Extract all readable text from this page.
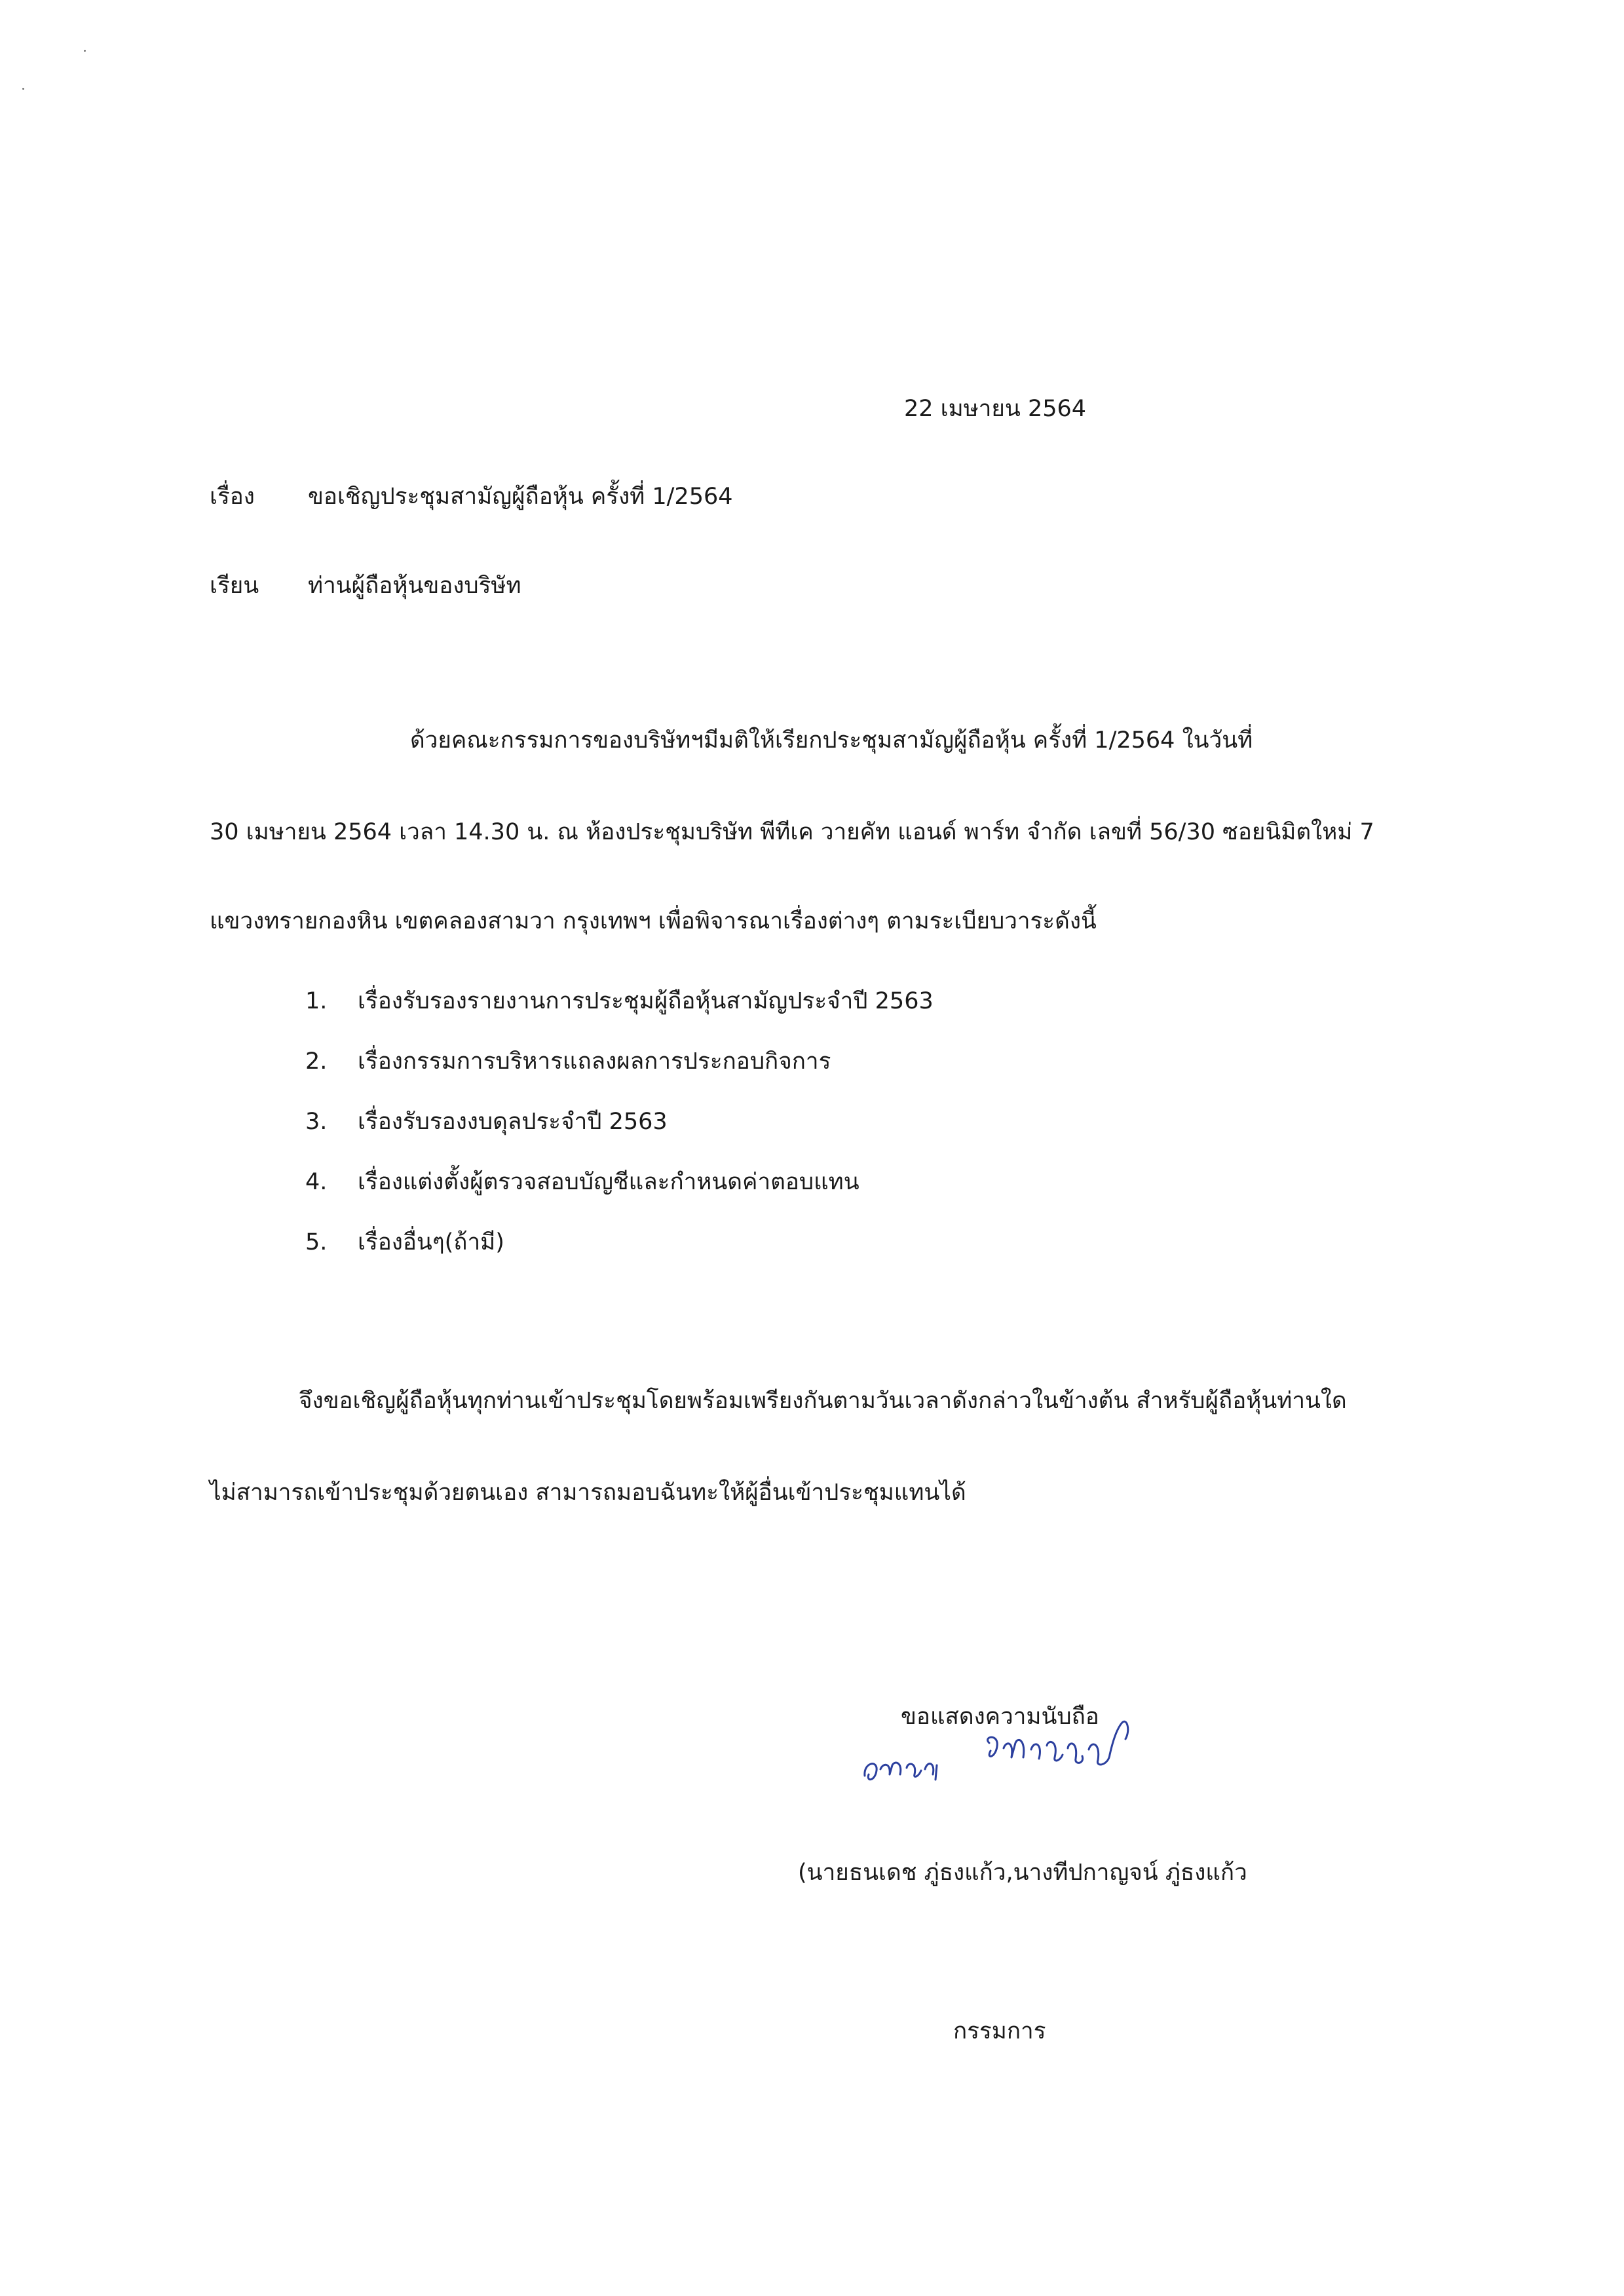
22 เมษายน 2564
เรื่อง ขอเชิญประชุมสามัญผู้ถือหุ้น ครั้งที่ 1/2564
เรียน ท่านผู้ถือหุ้นของบริษัท
ด้วยคณะกรรมการของบริษัทฯมีมติให้เรียกประชุมสามัญผู้ถือหุ้น ครั้งที่ 1/2564 ในวันที่
30 เมษายน 2564 เวลา 14.30 น. ณ ห้องประชุมบริษัท พีทีเค วายคัท แอนด์ พาร์ท จำกัด เลขที่ 56/30 ซอยนิมิตใหม่ 7
แขวงทรายกองหิน เขตคลองสามวา กรุงเทพฯ เพื่อพิจารณาเรื่องต่างๆ ตามระเบียบวาระดังนี้
1.	เรื่องรับรองรายงานการประชุมผู้ถือหุ้นสามัญประจำปี 2563
2.	เรื่องกรรมการบริหารแถลงผลการประกอบกิจการ
3.	เรื่องรับรองงบดุลประจำปี 2563
4.	เรื่องแต่งตั้งผู้ตรวจสอบบัญชีและกำหนดค่าตอบแทน
5.	เรื่องอื่นๆ(ถ้ามี)
จึงขอเชิญผู้ถือหุ้นทุกท่านเข้าประชุมโดยพร้อมเพรียงกันตามวันเวลาดังกล่าวในข้างต้น สำหรับผู้ถือหุ้นท่านใด
ไม่สามารถเข้าประชุมด้วยตนเอง สามารถมอบฉันทะให้ผู้อื่นเข้าประชุมแทนได้
ขอแสดงความนับถือ
(นายธนเดช ภู่ธงแก้ว,นางทีปกาญจน์ ภู่ธงแก้ว
กรรมการ
